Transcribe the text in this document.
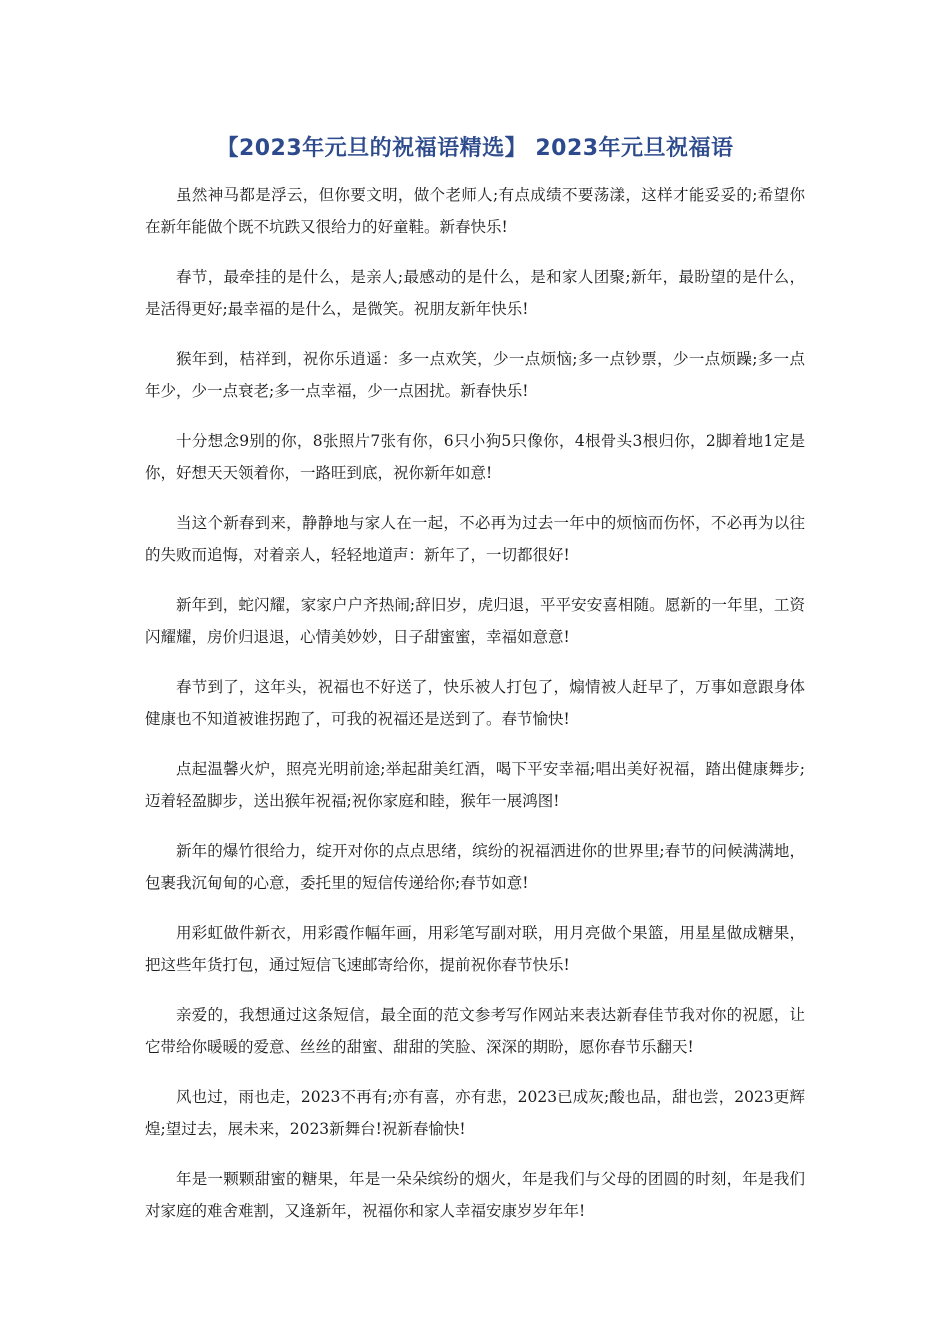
【2023年元旦的祝福语精选】 2023年元旦祝福语

虽然神马都是浮云，但你要文明，做个老师人;有点成绩不要荡漾，这样才能妥妥的;希望你在新年能做个既不坑跌又很给力的好童鞋。新春快乐!

春节，最牵挂的是什么，是亲人;最感动的是什么，是和家人团聚;新年，最盼望的是什么，是活得更好;最幸福的是什么，是微笑。祝朋友新年快乐!

猴年到，桔祥到，祝你乐逍遥：多一点欢笑，少一点烦恼;多一点钞票，少一点烦躁;多一点年少，少一点衰老;多一点幸福，少一点困扰。新春快乐!

十分想念9别的你，8张照片7张有你，6只小狗5只像你，4根骨头3根归你，2脚着地1定是你，好想天天领着你，一路旺到底，祝你新年如意!

当这个新春到来，静静地与家人在一起，不必再为过去一年中的烦恼而伤怀，不必再为以往的失败而追悔，对着亲人，轻轻地道声：新年了，一切都很好!

新年到，蛇闪耀，家家户户齐热闹;辞旧岁，虎归退，平平安安喜相随。愿新的一年里，工资闪耀耀，房价归退退，心情美妙妙，日子甜蜜蜜，幸福如意意!

春节到了，这年头，祝福也不好送了，快乐被人打包了，煽情被人赶早了，万事如意跟身体健康也不知道被谁拐跑了，可我的祝福还是送到了。春节愉快!

点起温馨火炉，照亮光明前途;举起甜美红酒，喝下平安幸福;唱出美好祝福，踏出健康舞步;迈着轻盈脚步，送出猴年祝福;祝你家庭和睦，猴年一展鸿图!

新年的爆竹很给力，绽开对你的点点思绪，缤纷的祝福洒进你的世界里;春节的问候满满地，包裹我沉甸甸的心意，委托里的短信传递给你;春节如意!

用彩虹做件新衣，用彩霞作幅年画，用彩笔写副对联，用月亮做个果篮，用星星做成糖果，把这些年货打包，通过短信飞速邮寄给你，提前祝你春节快乐!

亲爱的，我想通过这条短信，最全面的范文参考写作网站来表达新春佳节我对你的祝愿，让它带给你暖暖的爱意、丝丝的甜蜜、甜甜的笑脸、深深的期盼，愿你春节乐翻天!

风也过，雨也走，2023不再有;亦有喜，亦有悲，2023已成灰;酸也品，甜也尝，2023更辉煌;望过去，展未来，2023新舞台!祝新春愉快!

年是一颗颗甜蜜的糖果，年是一朵朵缤纷的烟火，年是我们与父母的团圆的时刻，年是我们对家庭的难舍难割，又逢新年，祝福你和家人幸福安康岁岁年年!
